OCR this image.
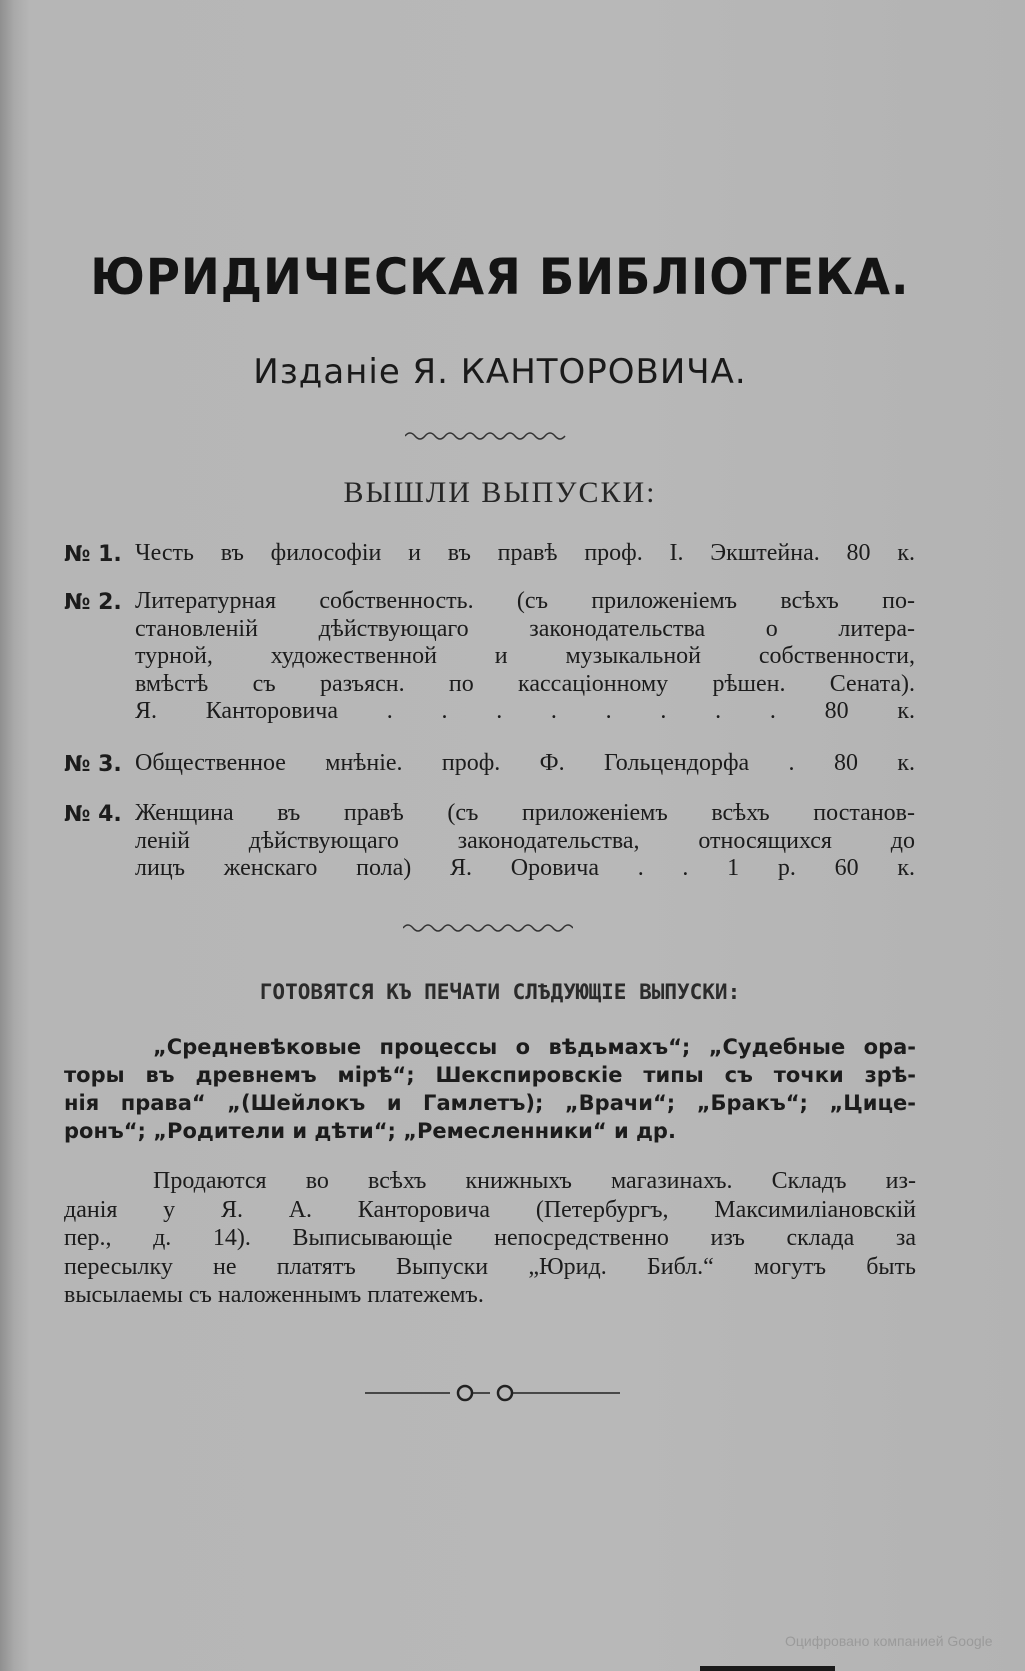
ЮРИДИЧЕСКАЯ БИБЛIОТЕКА.
Изданiе Я. КАНТОРОВИЧА.
ВЫШЛИ ВЫПУСКИ:
№ 1. Честь въ философiи и въ правѣ проф. I. Экштейна. 80 к.
№ 2. Литературная собственность. (съ приложенiемъ всѣхъ по-
становленiй дѣйствующаго законодательства о литера-
турной, художественной и музыкальной собственности,
вмѣстѣ съ разъясн. по кассацiонному рѣшен. Сената).
Я. Канторовича . . . . . . . . 80 к.
№ 3. Общественное мнѣнiе. проф. Ф. Гольцендорфа . 80 к.
№ 4. Женщина въ правѣ (съ приложенiемъ всѣхъ постанов-
ленiй дѣйствующаго законодательства, относящихся до
лицъ женскаго пола) Я. Оровича . . 1 р. 60 к.
ГОТОВЯТСЯ КЪ ПЕЧАТИ СЛѢДУЮЩIЕ ВЫПУСКИ:
„Средневѣковые процессы о вѣдьмахъ“; „Судебные ора-
торы въ древнемъ мiрѣ“; Шекспировскiе типы съ точки зрѣ-
нiя права“ „(Шейлокъ и Гамлетъ); „Врачи“; „Бракъ“; „Цице-
ронъ“; „Родители и дѣти“; „Ремесленники“ и др.
Продаются во всѣхъ книжныхъ магазинахъ. Складъ из-
данiя у Я. А. Канторовича (Петербургъ, Максимилiановскiй
пер., д. 14). Выписывающiе непосредственно изъ склада за
пересылку не платятъ Выпуски „Юрид. Библ.“ могутъ быть
высылаемы съ наложеннымъ платежемъ.
Оцифровано компанией Google
